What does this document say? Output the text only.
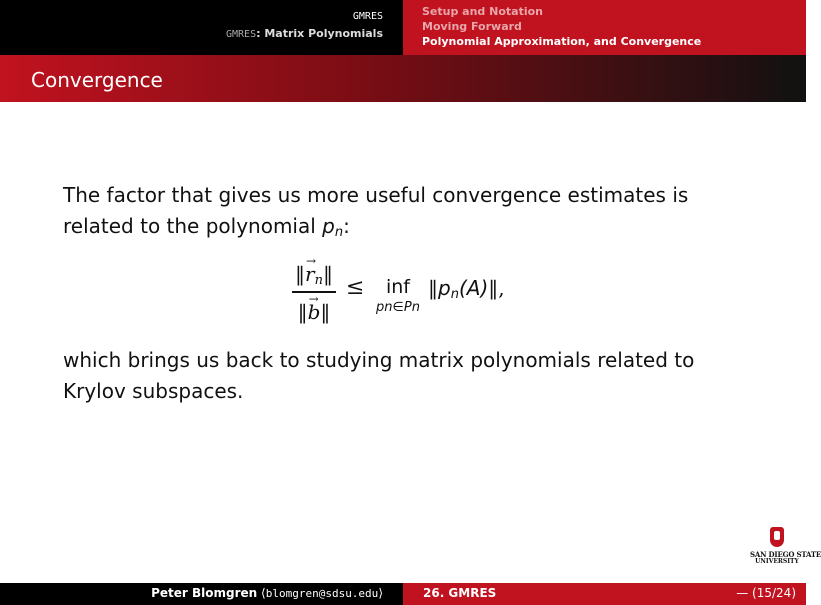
GMRES
GMRES: Matrix Polynomials
Setup and Notation
Moving Forward
Polynomial Approximation, and Convergence
Convergence
The factor that gives us more useful convergence estimates is related to the polynomial $p_n$:
‖→ $r_n‖$
‖→ b‖
≤	inf
pn∈Pn
$‖p_n(A)‖$,
which brings us back to studying matrix polynomials related to Krylov subspaces.
SAN DIEGO STATE
UNIVERSITY
Peter Blomgren ⟨blomgren@sdsu.edu⟩	26. GMRES	— (15/24)
